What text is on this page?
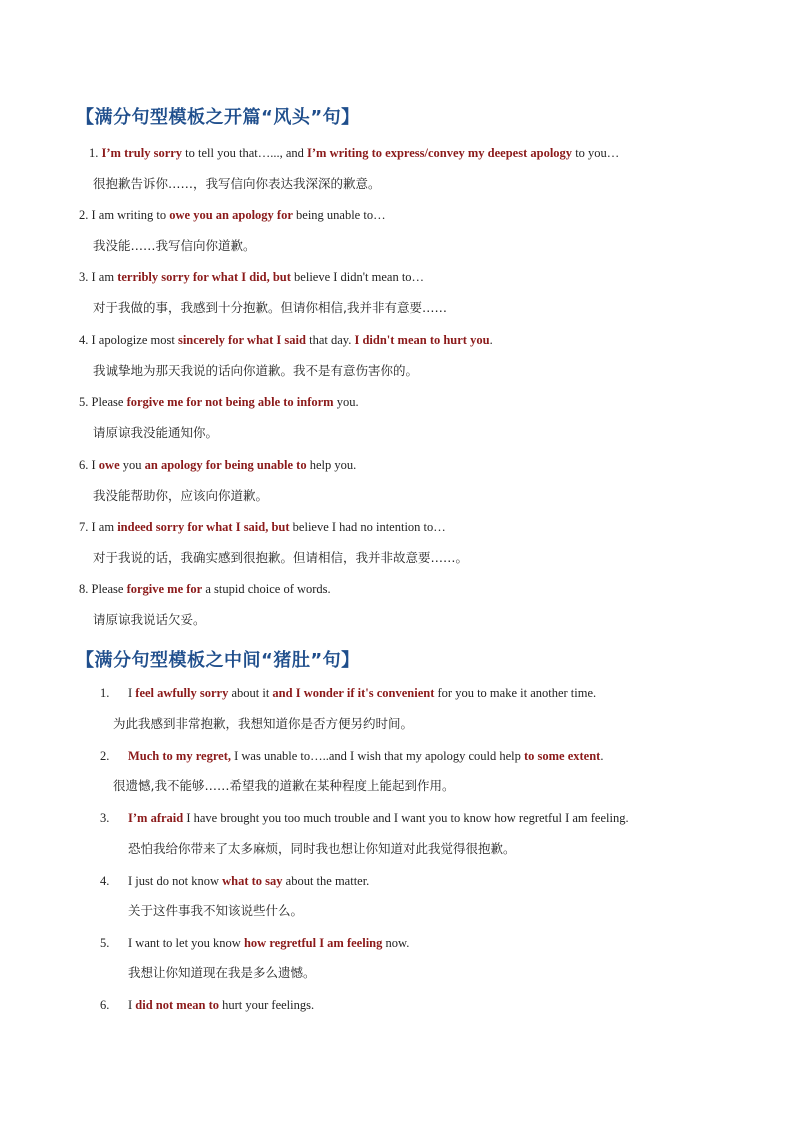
【满分句型模板之开篇“风头”句】
1. I’m truly sorry to tell you that…..., and I’m writing to express/convey my deepest apology to you…
很抱歉告诉你……，我写信向你表达我深深的歉意。
2. I am writing to owe you an apology for being unable to…
我没能……我写信向你道歉。
3. I am terribly sorry for what I did, but believe I didn't mean to…
对于我做的事，我感到十分抱歉。但请你相信,我并非有意要……
4. I apologize most sincerely for what I said that day. I didn't mean to hurt you.
我诚挚地为那天我说的话向你道歉。我不是有意伤害你的。
5. Please forgive me for not being able to inform you.
请原谅我没能通知你。
6. I owe you an apology for being unable to help you.
我没能帮助你，应该向你道歉。
7. I am indeed sorry for what I said, but believe I had no intention to…
对于我说的话，我确实感到很抱歉。但请相信，我并非故意要……。
8. Please forgive me for a stupid choice of words.
请原谅我说话欠妥。
【满分句型模板之中间“猪肚”句】
1. I feel awfully sorry about it and I wonder if it's convenient for you to make it another time.
为此我感到非常抱歉，我想知道你是否方便另约时间。
2. Much to my regret, I was unable to…..and I wish that my apology could help to some extent.
很遗憾,我不能够……希望我的道歉在某种程度上能起到作用。
3. I’m afraid I have brought you too much trouble and I want you to know how regretful I am feeling.
恐怕我给你带来了太多麻烦，同时我也想让你知道对此我觉得很抱歉。
4. I just do not know what to say about the matter.
关于这件事我不知该说些什么。
5. I want to let you know how regretful I am feeling now.
我想让你知道现在我是多么遗憾。
6. I did not mean to hurt your feelings.
